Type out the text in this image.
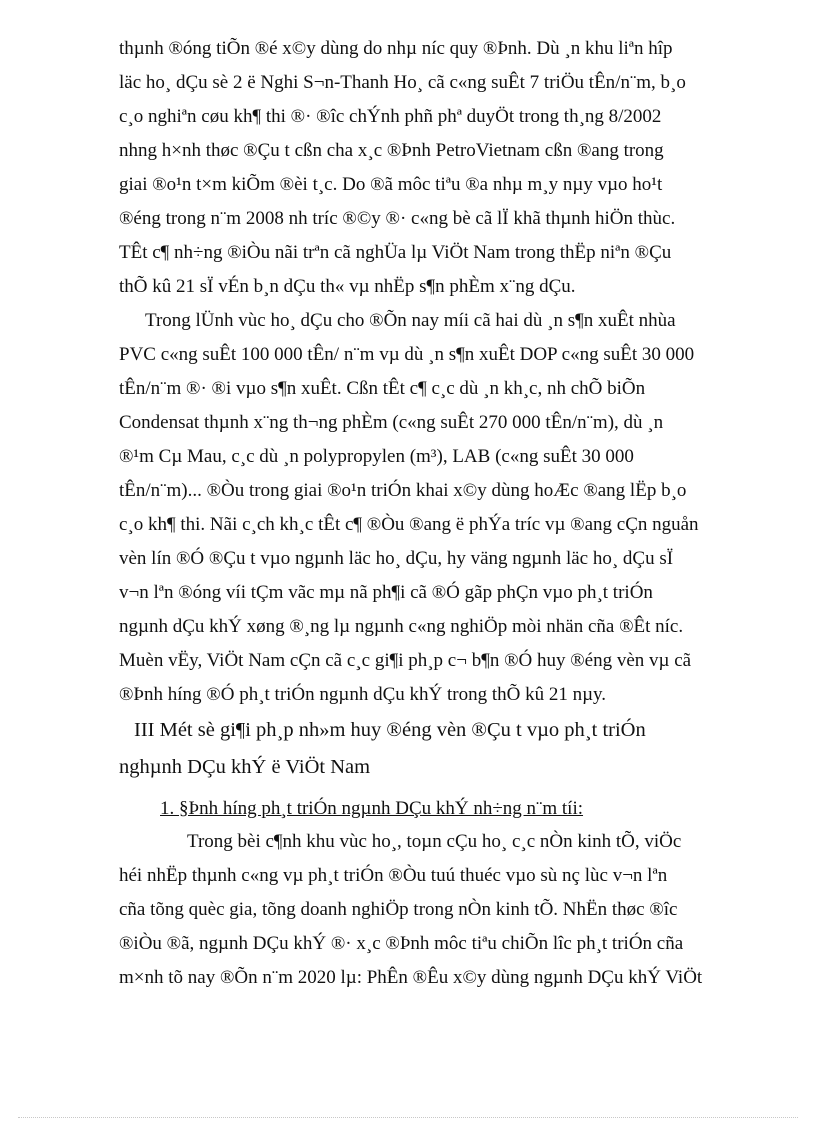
thµnh ®óng tiÕn ®é x©y dùng do nhµ níc quy ®Þnh. Dù ¸n khu liªn hîp
läc ho¸ dÇu sè 2 ë Nghi S¬n-Thanh Ho¸ cã c«ng suÊt 7 triÖu tÊn/n¨m, b¸o
c¸o nghiªn cøu kh¶ thi ®· ®îc chÝnh phñ phª duyÖt trong th¸ng 8/2002
nhng h×nh thøc ®Çu t cßn cha x¸c ®Þnh PetroVietnam cßn ®ang trong
giai ®o¹n t×m kiÕm ®èi t¸c. Do ®ã môc tiªu ®a nhµ m¸y nµy vµo ho¹t
®éng trong n¨m 2008 nh tríc ®©y ®· c«ng bè cã lÏ khã thµnh hiÖn thùc.
TÊt c¶ nh÷ng ®iÒu nãi trªn cã nghÜa lµ ViÖt Nam trong thËp niªn ®Çu
thÕ kû 21 sÏ vÉn b¸n dÇu th« vµ nhËp s¶n phÈm x¨ng dÇu.
Trong lÜnh vùc ho¸ dÇu cho ®Õn nay míi cã hai dù ¸n s¶n xuÊt nhùa
PVC c«ng suÊt 100 000 tÊn/ n¨m vµ dù ¸n s¶n xuÊt DOP c«ng suÊt 30 000
tÊn/n¨m ®· ®i vµo s¶n xuÊt. Cßn tÊt c¶ c¸c dù ¸n kh¸c, nh chÕ biÕn
Condensat thµnh x¨ng th¬ng phÈm (c«ng suÊt 270 000 tÊn/n¨m), dù ¸n
®¹m Cµ Mau, c¸c dù ¸n polypropylen (m³), LAB (c«ng suÊt 30 000
tÊn/n¨m)... ®Òu trong giai ®o¹n triÓn khai x©y dùng hoÆc ®ang lËp b¸o
c¸o kh¶ thi. Nãi c¸ch kh¸c tÊt c¶ ®Òu ®ang ë phÝa tríc vµ ®ang cÇn nguån
vèn lín ®Ó ®Çu t vµo ngµnh läc ho¸ dÇu, hy väng ngµnh läc ho¸ dÇu sÏ
v¬n lªn ®óng víi tÇm vãc mµ nã ph¶i cã ®Ó gãp phÇn vµo ph¸t triÓn
ngµnh dÇu khÝ xøng ®¸ng lµ ngµnh c«ng nghiÖp mòi nhän cña ®Êt níc.
Muèn vËy, ViÖt Nam cÇn cã c¸c gi¶i ph¸p c¬ b¶n ®Ó huy ®éng vèn vµ cã
®Þnh híng ®Ó ph¸t triÓn ngµnh dÇu khÝ trong thÕ kû 21 nµy.
III Mét sè gi¶i ph¸p nh»m huy ®éng vèn ®Çu t vµo ph¸t triÓn
nghµnh DÇu khÝ ë ViÖt Nam
1. §Þnh híng ph¸t triÓn ngµnh DÇu khÝ nh÷ng n¨m tíi:
Trong bèi c¶nh khu vùc ho¸, toµn cÇu ho¸ c¸c nÒn kinh tÕ, viÖc
héi nhËp thµnh c«ng vµ ph¸t triÓn ®Òu tuú thuéc vµo sù nç lùc v¬n lªn
cña tõng quèc gia, tõng doanh nghiÖp trong nÒn kinh tÕ. NhËn thøc ®îc
®iÒu ®ã, ngµnh DÇu khÝ ®· x¸c ®Þnh môc tiªu chiÕn lîc ph¸t triÓn cña
m×nh tõ nay ®Õn n¨m 2020 lµ: PhÊn ®Êu x©y dùng ngµnh DÇu khÝ ViÖt
